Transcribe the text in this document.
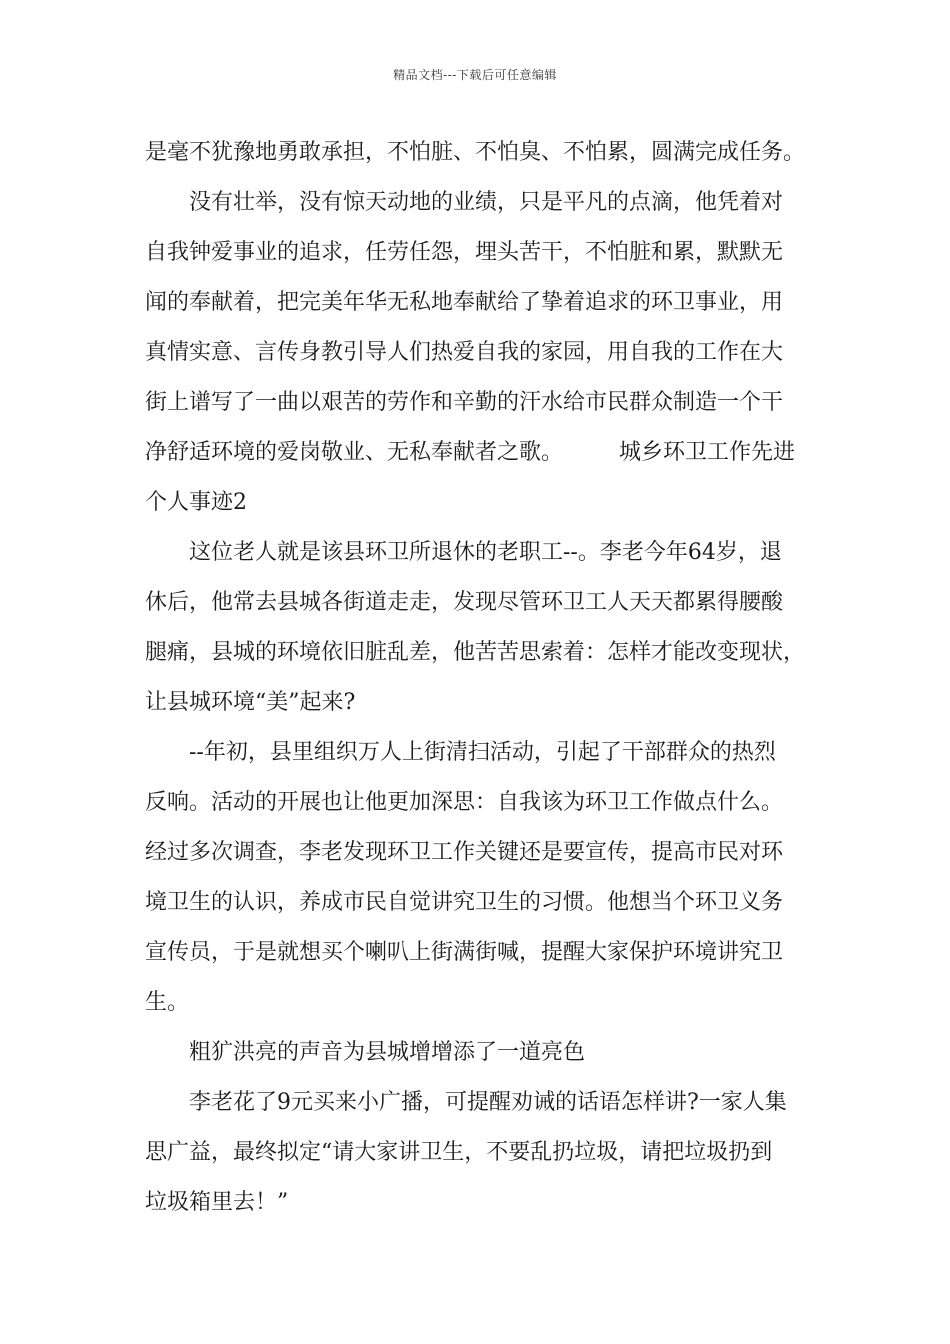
精品文档---下载后可任意编辑
是毫不犹豫地勇敢承担，不怕脏、不怕臭、不怕累，圆满完成任务。
没有壮举，没有惊天动地的业绩，只是平凡的点滴，他凭着对
自我钟爱事业的追求，任劳任怨，埋头苦干，不怕脏和累，默默无
闻的奉献着，把完美年华无私地奉献给了挚着追求的环卫事业，用
真情实意、言传身教引导人们热爱自我的家园，用自我的工作在大
街上谱写了一曲以艰苦的劳作和辛勤的汗水给市民群众制造一个干
净舒适环境的爱岗敬业、无私奉献者之歌。        城乡环卫工作先进
个人事迹2
这位老人就是该县环卫所退休的老职工--。李老今年64岁，退
休后，他常去县城各街道走走，发现尽管环卫工人天天都累得腰酸
腿痛，县城的环境依旧脏乱差，他苦苦思索着：怎样才能改变现状，
让县城环境“美”起来?
--年初，县里组织万人上街清扫活动，引起了干部群众的热烈
反响。活动的开展也让他更加深思：自我该为环卫工作做点什么。
经过多次调查，李老发现环卫工作关键还是要宣传，提高市民对环
境卫生的认识，养成市民自觉讲究卫生的习惯。他想当个环卫义务
宣传员，于是就想买个喇叭上街满街喊，提醒大家保护环境讲究卫
生。
粗犷洪亮的声音为县城增增添了一道亮色
李老花了9元买来小广播，可提醒劝诫的话语怎样讲?一家人集
思广益，最终拟定“请大家讲卫生，不要乱扔垃圾，请把垃圾扔到
垃圾箱里去！”
